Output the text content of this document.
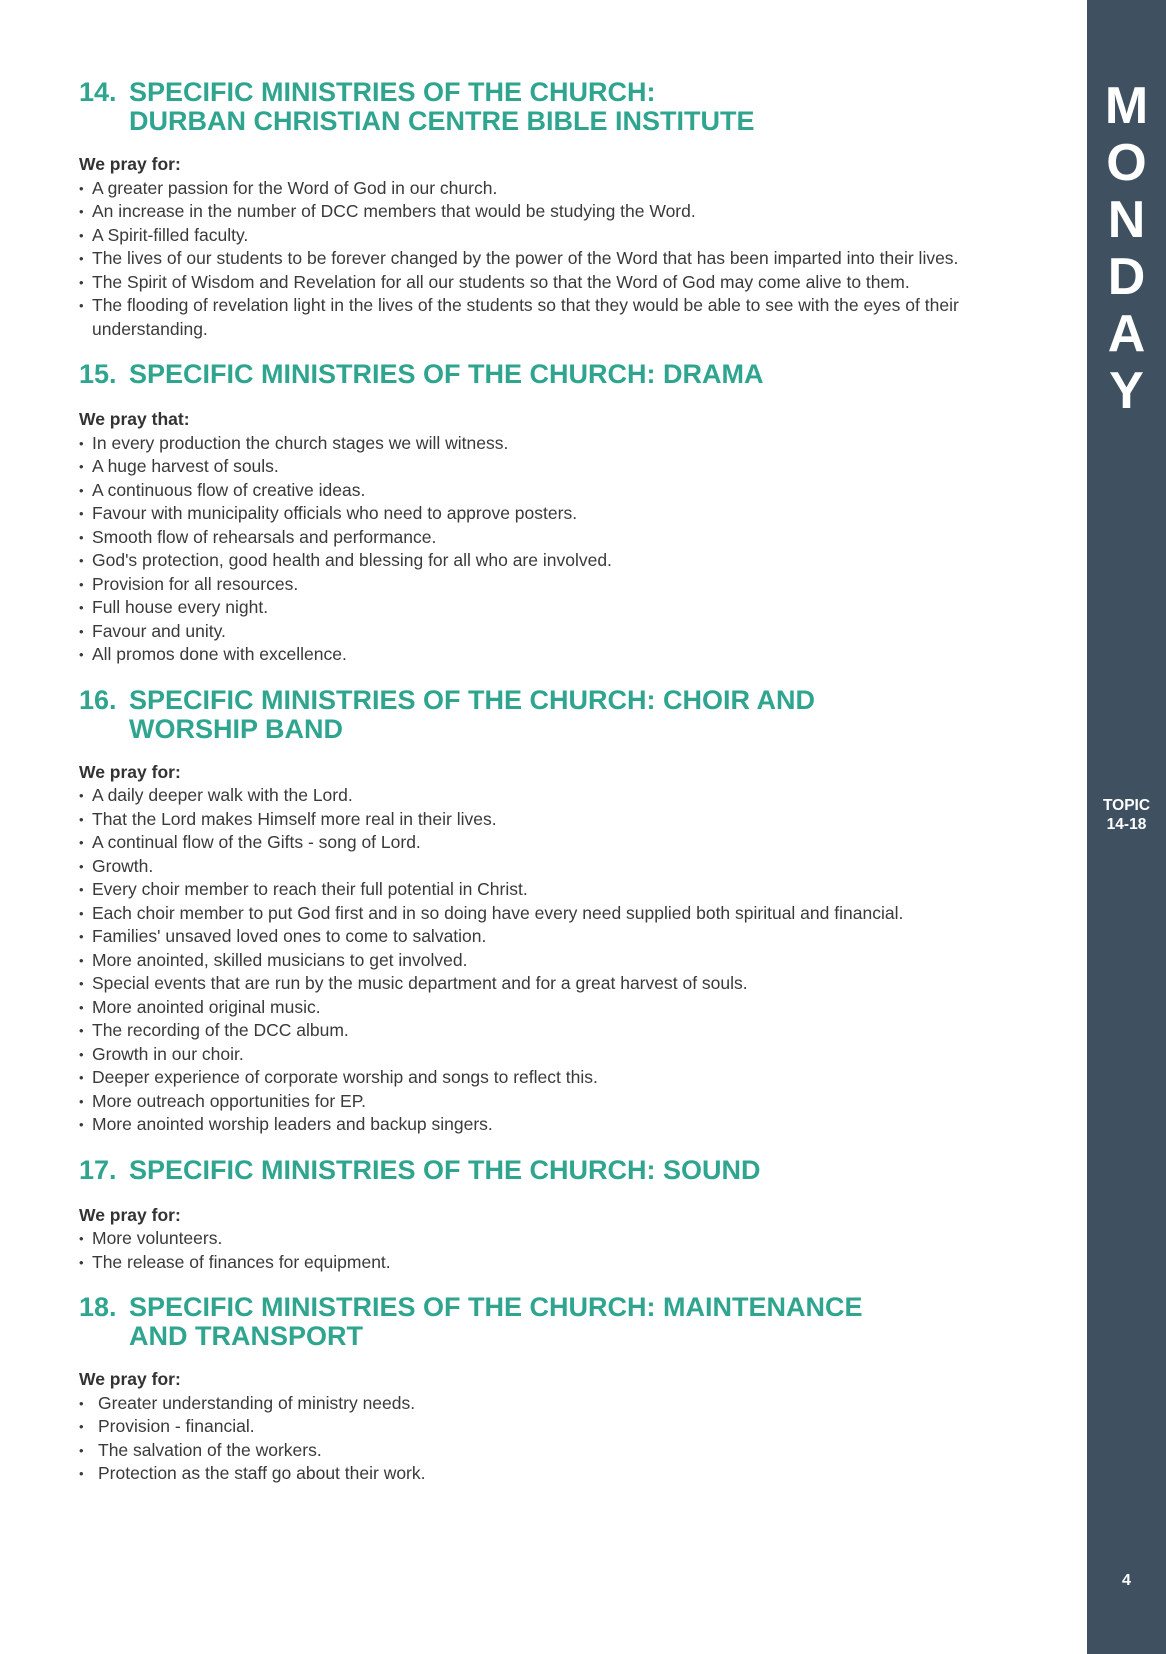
14. SPECIFIC MINISTRIES OF THE CHURCH:
DURBAN CHRISTIAN CENTRE BIBLE INSTITUTE
We pray for:
• A greater passion for the Word of God in our church.
• An increase in the number of DCC members that would be studying the Word.
• A Spirit-filled faculty.
• The lives of our students to be forever changed by the power of the Word that has been imparted into their lives.
• The Spirit of Wisdom and Revelation for all our students so that the Word of God may come alive to them.
• The flooding of revelation light in the lives of the students so that they would be able to see with the eyes of their understanding.
15. SPECIFIC MINISTRIES OF THE CHURCH: DRAMA
We pray that:
• In every production the church stages we will witness.
• A huge harvest of souls.
• A continuous flow of creative ideas.
• Favour with municipality officials who need to approve posters.
• Smooth flow of rehearsals and performance.
• God's protection, good health and blessing for all who are involved.
• Provision for all resources.
• Full house every night.
• Favour and unity.
• All promos done with excellence.
16. SPECIFIC MINISTRIES OF THE CHURCH: CHOIR AND
WORSHIP BAND
We pray for:
• A daily deeper walk with the Lord.
• That the Lord makes Himself more real in their lives.
• A continual flow of the Gifts - song of Lord.
• Growth.
• Every choir member to reach their full potential in Christ.
• Each choir member to put God first and in so doing have every need supplied both spiritual and financial.
• Families' unsaved loved ones to come to salvation.
• More anointed, skilled musicians to get involved.
• Special events that are run by the music department and for a great harvest of souls.
• More anointed original music.
• The recording of the DCC album.
• Growth in our choir.
• Deeper experience of corporate worship and songs to reflect this.
• More outreach opportunities for EP.
• More anointed worship leaders and backup singers.
17. SPECIFIC MINISTRIES OF THE CHURCH: SOUND
We pray for:
• More volunteers.
• The release of finances for equipment.
18. SPECIFIC MINISTRIES OF THE CHURCH: MAINTENANCE
AND TRANSPORT
We pray for:
• Greater understanding of ministry needs.
• Provision - financial.
• The salvation of the workers.
• Protection as the staff go about their work.
M
O
N
D
A
Y
TOPIC
14-18
4
